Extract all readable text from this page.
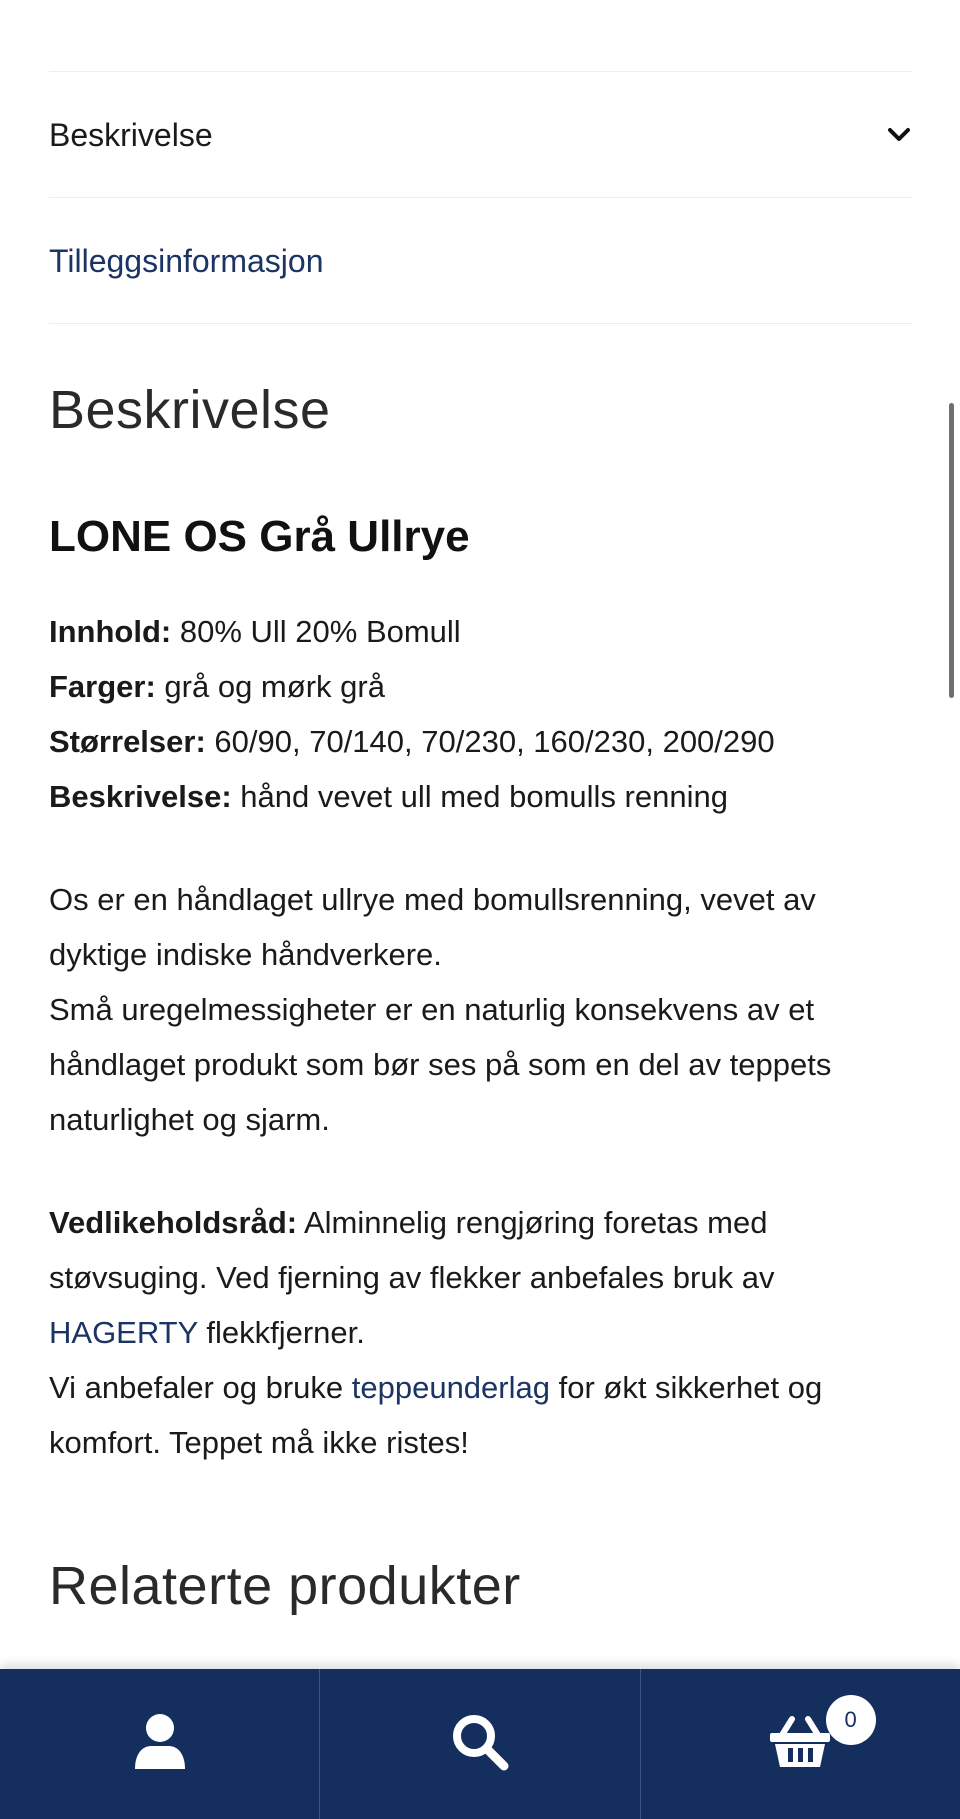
Beskrivelse
Tilleggsinformasjon
Beskrivelse
LONE OS Grå Ullrye
Innhold: 80% Ull 20% Bomull
Farger: grå og mørk grå
Størrelser: 60/90, 70/140, 70/230, 160/230, 200/290
Beskrivelse: hånd vevet ull med bomulls renning
Os er en håndlaget ullrye med bomullsrenning, vevet av dyktige indiske håndverkere.
Små uregelmessigheter er en naturlig konsekvens av et håndlaget produkt som bør ses på som en del av teppets naturlighet og sjarm.
Vedlikeholdsråd: Alminnelig rengjøring foretas med støvsuging. Ved fjerning av flekker anbefales bruk av HAGERTY flekkfjerner.
Vi anbefaler og bruke teppeunderlag for økt sikkerhet og komfort. Teppet må ikke ristes!
Relaterte produkter
0
